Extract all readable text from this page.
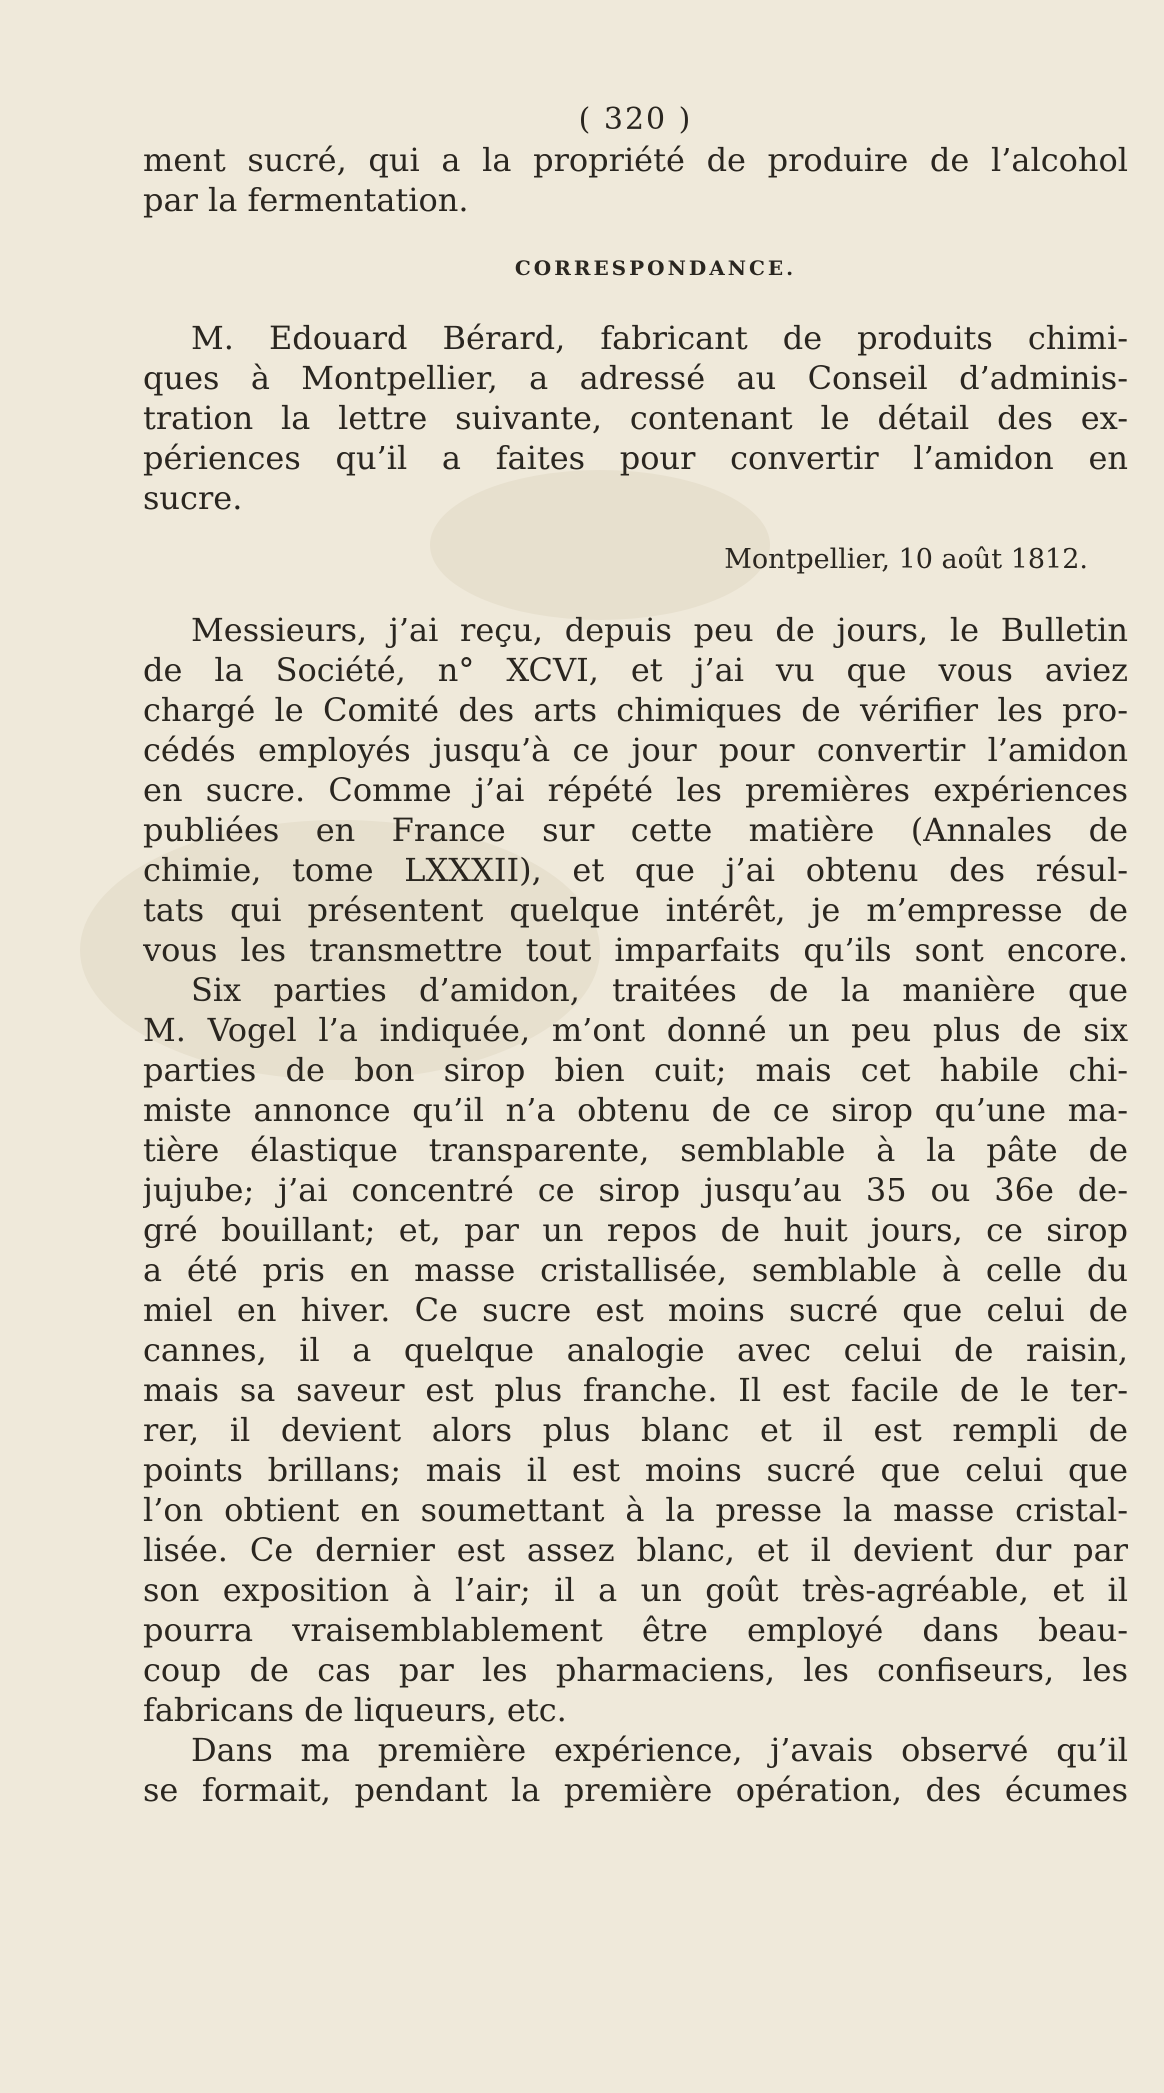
( 320 )
ment sucré, qui a la propriété de produire de l’alcohol
par la fermentation.
CORRESPONDANCE.
M. Edouard Bérard, fabricant de produits chimi-
ques à Montpellier, a adressé au Conseil d’adminis-
tration la lettre suivante, contenant le détail des ex-
périences qu’il a faites pour convertir l’amidon en
sucre.
Montpellier, 10 août 1812.
Messieurs, j’ai reçu, depuis peu de jours, le Bulletin
de la Société, n° XCVI, et j’ai vu que vous aviez
chargé le Comité des arts chimiques de vérifier les pro-
cédés employés jusqu’à ce jour pour convertir l’amidon
en sucre. Comme j’ai répété les premières expériences
publiées en France sur cette matière (Annales de
chimie, tome LXXXII), et que j’ai obtenu des résul-
tats qui présentent quelque intérêt, je m’empresse de
vous les transmettre tout imparfaits qu’ils sont encore.
Six parties d’amidon, traitées de la manière que
M. Vogel l’a indiquée, m’ont donné un peu plus de six
parties de bon sirop bien cuit; mais cet habile chi-
miste annonce qu’il n’a obtenu de ce sirop qu’une ma-
tière élastique transparente, semblable à la pâte de
jujube; j’ai concentré ce sirop jusqu’au 35 ou 36e de-
gré bouillant; et, par un repos de huit jours, ce sirop
a été pris en masse cristallisée, semblable à celle du
miel en hiver. Ce sucre est moins sucré que celui de
cannes, il a quelque analogie avec celui de raisin,
mais sa saveur est plus franche. Il est facile de le ter-
rer, il devient alors plus blanc et il est rempli de
points brillans; mais il est moins sucré que celui que
l’on obtient en soumettant à la presse la masse cristal-
lisée. Ce dernier est assez blanc, et il devient dur par
son exposition à l’air; il a un goût très-agréable, et il
pourra vraisemblablement être employé dans beau-
coup de cas par les pharmaciens, les confiseurs, les
fabricans de liqueurs, etc.
Dans ma première expérience, j’avais observé qu’il
se formait, pendant la première opération, des écumes
